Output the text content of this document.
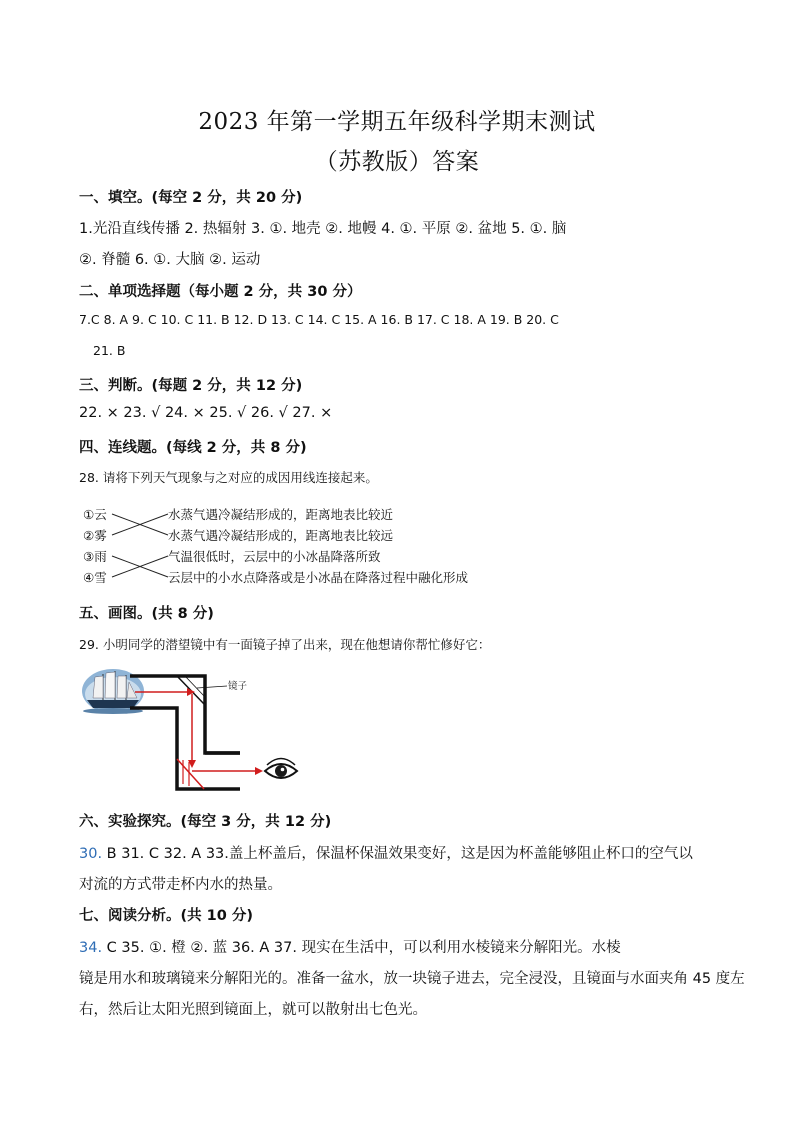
2023 年第一学期五年级科学期末测试
（苏教版）答案
一、填空。(每空 2 分，共 20 分)
1.光沿直线传播 2. 热辐射 3. ①. 地壳 ②. 地幔 4. ①. 平原 ②. 盆地 5. ①. 脑
②. 脊髓 6. ①. 大脑 ②. 运动
二、单项选择题（每小题 2 分，共 30 分）
7.C 8. A 9. C 10. C 11. B 12. D 13. C 14. C 15. A 16. B 17. C 18. A 19. B 20. C
21. B
三、判断。(每题 2 分，共 12 分)
22. × 23. √ 24. × 25. √ 26. √ 27. ×
四、连线题。(每线 2 分，共 8 分)
28. 请将下列天气现象与之对应的成因用线连接起来。
①云
②雾
③雨
④雪
水蒸气遇冷凝结形成的，距离地表比较近
水蒸气遇冷凝结形成的，距离地表比较远
气温很低时，云层中的小冰晶降落所致
云层中的小水点降落或是小冰晶在降落过程中融化形成
五、画图。(共 8 分)
29. 小明同学的潜望镜中有一面镜子掉了出来，现在他想请你帮忙修好它：
镜子
六、实验探究。(每空 3 分，共 12 分)
30. B 31. C 32. A 33.盖上杯盖后，保温杯保温效果变好，这是因为杯盖能够阻止杯口的空气以
对流的方式带走杯内水的热量。
七、阅读分析。(共 10 分)
34. C 35. ①. 橙 ②. 蓝 36. A 37. 现实在生活中，可以利用水棱镜来分解阳光。水棱
镜是用水和玻璃镜来分解阳光的。准备一盆水，放一块镜子进去，完全浸没，且镜面与水面夹角 45 度左
右，然后让太阳光照到镜面上，就可以散射出七色光。
